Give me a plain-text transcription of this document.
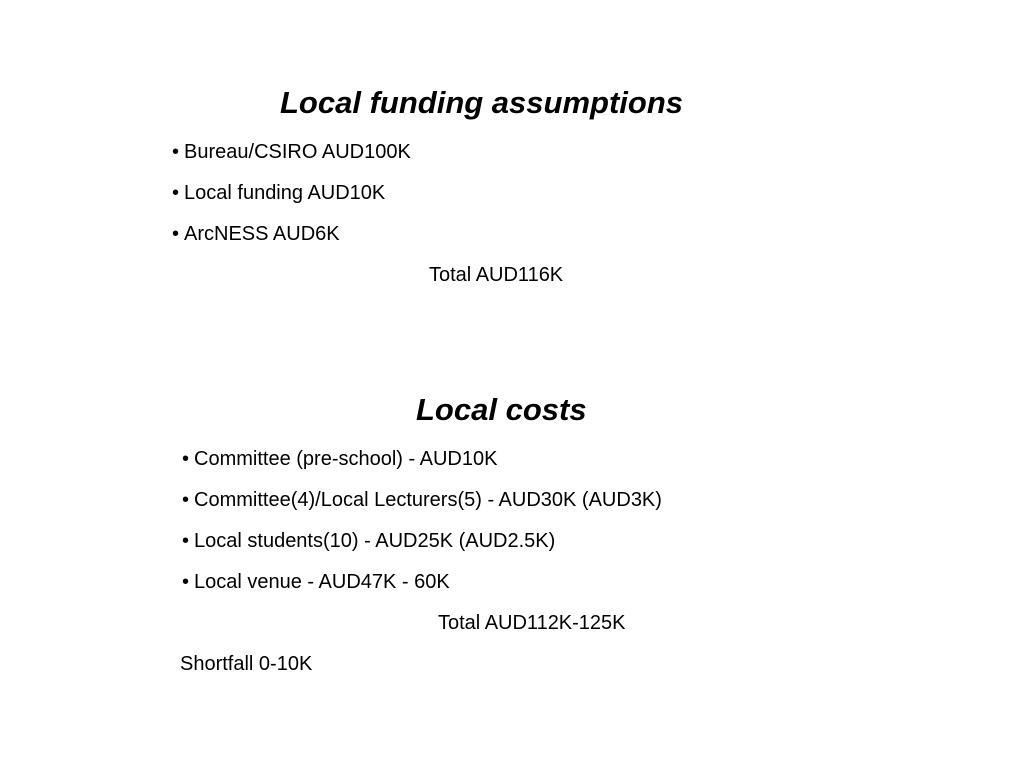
Local funding assumptions

• Bureau/CSIRO AUD100K

• Local funding AUD10K

• ArcNESS AUD6K

Total AUD116K

Local costs

• Committee (pre-school) - AUD10K

• Committee(4)/Local Lecturers(5) - AUD30K (AUD3K)

• Local students(10) - AUD25K (AUD2.5K)

• Local venue - AUD47K - 60K

Total AUD112K-125K

Shortfall 0-10K
